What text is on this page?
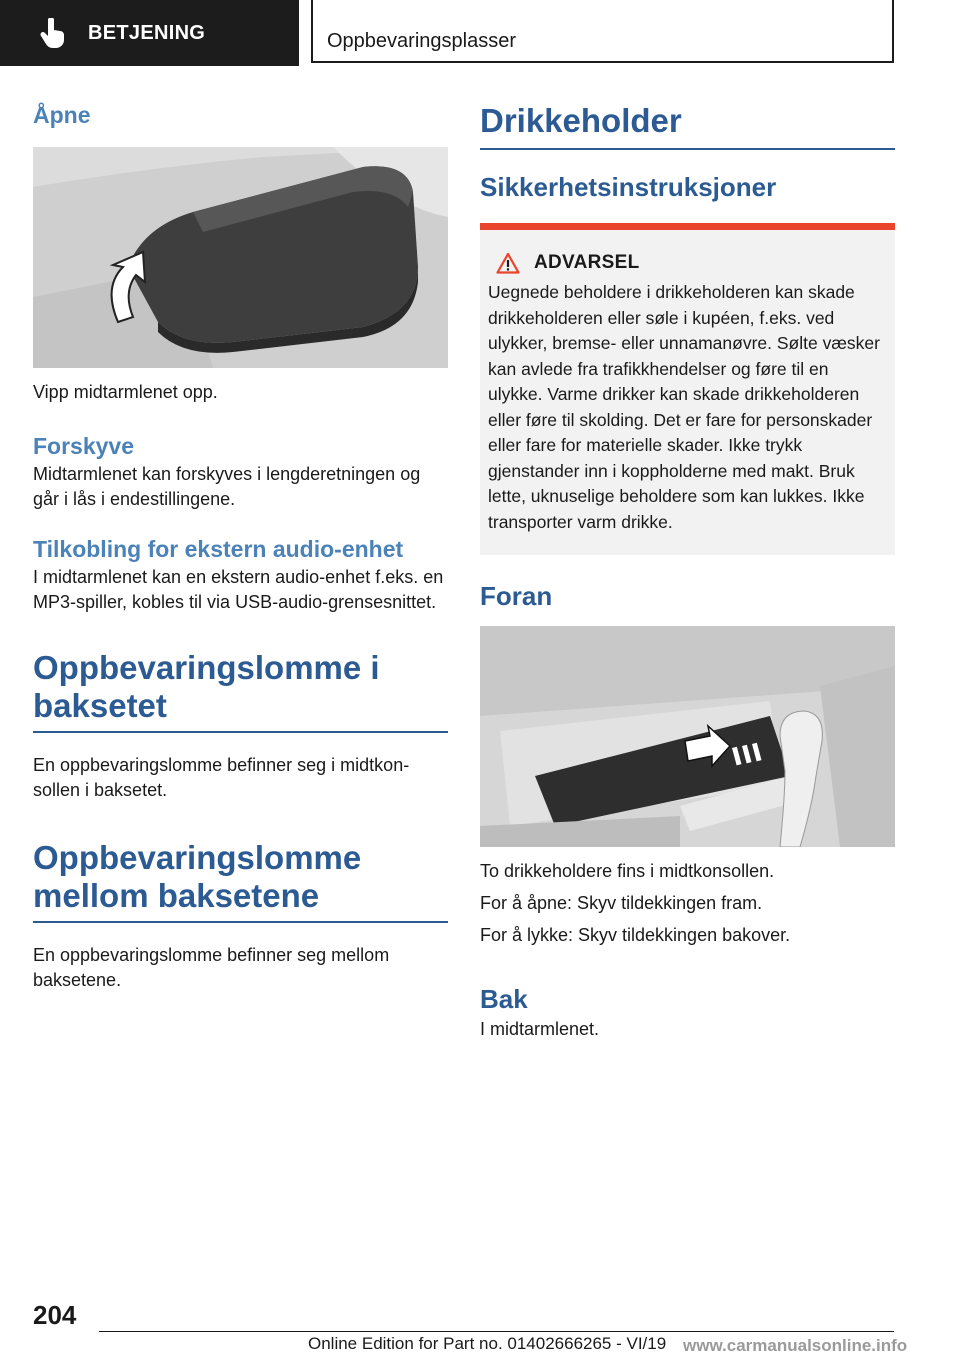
BETJENING	Oppbevaringsplasser
Åpne

Vipp midtarmlenet opp.

Forskyve

Midtarmlenet kan forskyves i lengderetningen og går i lås i endestillingene.

Tilkobling for ekstern audio-enhet

I midtarmlenet kan en ekstern audio-enhet f.eks. en MP3-spiller, kobles til via USB-audio-grensesnittet.

Oppbevaringslomme i baksetet

En oppbevaringslomme befinner seg i midtkonsollen i baksetet.

Oppbevaringslomme mellom baksetene

En oppbevaringslomme befinner seg mellom baksetene.

Drikkeholder
Sikkerhetsinstruksjoner
ADVARSEL

Uegnede beholdere i drikkeholderen kan skade drikkeholderen eller søle i kupéen, f.eks. ved ulykker, bremse- eller unnamanøvre. Sølte væsker kan avlede fra trafikkhendelser og føre til en ulykke. Varme drikker kan skade drikkeholderen eller føre til skolding. Det er fare for personskader eller fare for materielle skader. Ikke trykk gjenstander inn i koppholderne med makt. Bruk lette, uknuselige beholdere som kan lukkes. Ikke transporter varm drikke.

Foran

To drikkeholdere fins i midtkonsollen.

For å åpne: Skyv tildekkingen fram.

For å lykke: Skyv tildekkingen bakover.

Bak

I midtarmlenet.

204
Online Edition for Part no. 01402666265 - VI/19 www.carmanualsonline.info
